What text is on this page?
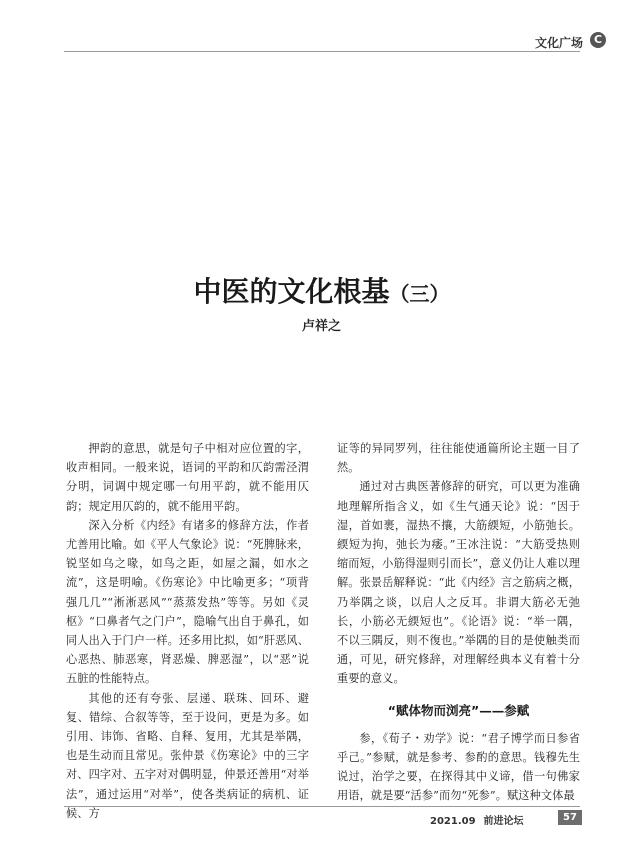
文化广场 C
中医的文化根基（三）
卢祥之

押韵的意思，就是句子中相对应位置的字，收声相同。一般来说，语词的平韵和仄韵需泾渭分明，词调中规定哪一句用平韵，就不能用仄韵；规定用仄韵的，就不能用平韵。

深入分析《内经》有诸多的修辞方法，作者尤善用比喻。如《平人气象论》说：“死脾脉来，锐坚如乌之喙，如鸟之距，如屋之漏，如水之流”，这是明喻。《伤寒论》中比喻更多；“项背强几几”“淅淅恶风”“蒸蒸发热”等等。另如《灵枢》“口鼻者气之门户”，隐喻气出自于鼻孔，如同人出入于门户一样。还多用比拟，如“肝恶风、心恶热、肺恶寒，肾恶燥、脾恶湿”，以“恶”说五脏的性能特点。

其他的还有夸张、层递、联珠、回环、避复、错综、合叙等等，至于设问，更是为多。如引用、讳饰、省略、自释、复用，尤其是举隅，也是生动而且常见。张仲景《伤寒论》中的三字对、四字对、五字对对偶明显，仲景还善用“对举法”，通过运用“对举”，使各类病证的病机、证候、方

证等的异同罗列，往往能使通篇所论主题一目了然。

通过对古典医著修辞的研究，可以更为准确地理解所指含义，如《生气通天论》说：“因于湿，首如裹，湿热不攘，大筋緛短，小筋弛长。緛短为拘，弛长为痿。”王冰注说：“大筋受热则缩而短，小筋得湿则引而长”，意义仍让人难以理解。张景岳解释说：“此《内经》言之筋病之概，乃举隅之谈，以启人之反耳。非谓大筋必无弛长，小筋必无緛短也”。《论语》说：“举一隅，不以三隅反，则不復也。”举隅的目的是使触类而通，可见，研究修辞，对理解经典本义有着十分重要的意义。

“赋体物而浏亮”——参赋

参，《荀子・劝学》说：“君子博学而日参省乎己。”参赋，就是参考、参酌的意思。钱穆先生说过，治学之要，在探得其中义谛，借一句佛家用语，就是要“活参”而勿“死参”。赋这种文体最

2021.09 前进论坛	57
